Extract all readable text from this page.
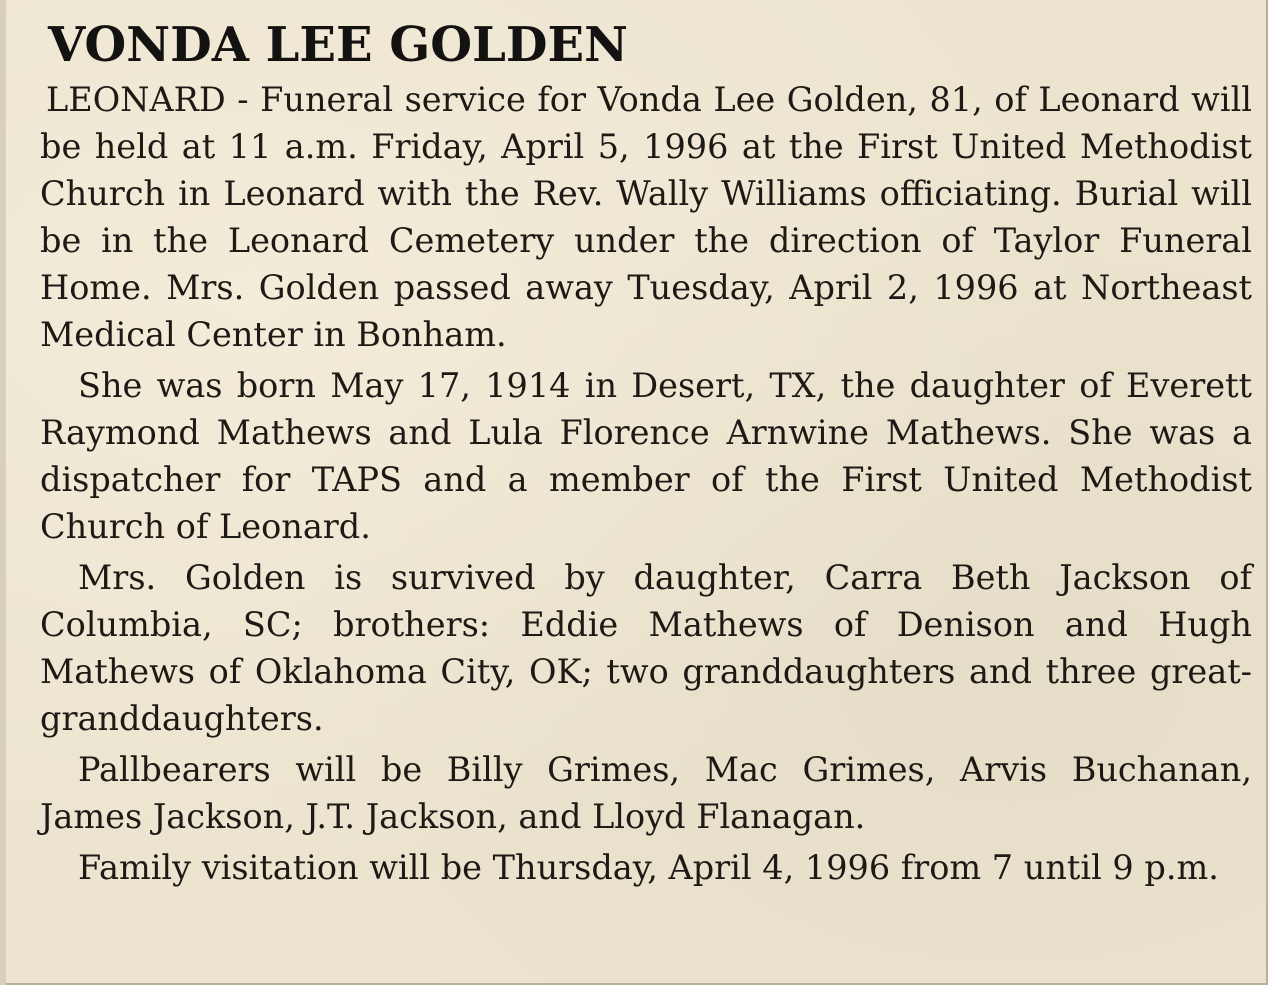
VONDA LEE GOLDEN

LEONARD - Funeral service for Vonda Lee Golden, 81, of Leonard will be held at 11 a.m. Friday, April 5, 1996 at the First United Methodist Church in Leonard with the Rev. Wally Williams officiating. Burial will be in the Leonard Cemetery under the direction of Taylor Funeral Home. Mrs. Golden passed away Tuesday, April 2, 1996 at Northeast Medical Center in Bonham.

She was born May 17, 1914 in Desert, TX, the daughter of Everett Raymond Mathews and Lula Florence Arnwine Mathews. She was a dispatcher for TAPS and a member of the First United Methodist Church of Leonard.

Mrs. Golden is survived by daughter, Carra Beth Jackson of Columbia, SC; brothers: Eddie Mathews of Denison and Hugh Mathews of Oklahoma City, OK; two granddaughters and three great-granddaughters.

Pallbearers will be Billy Grimes, Mac Grimes, Arvis Buchanan, James Jackson, J.T. Jackson, and Lloyd Flanagan.

Family visitation will be Thursday, April 4, 1996 from 7 until 9 p.m.
